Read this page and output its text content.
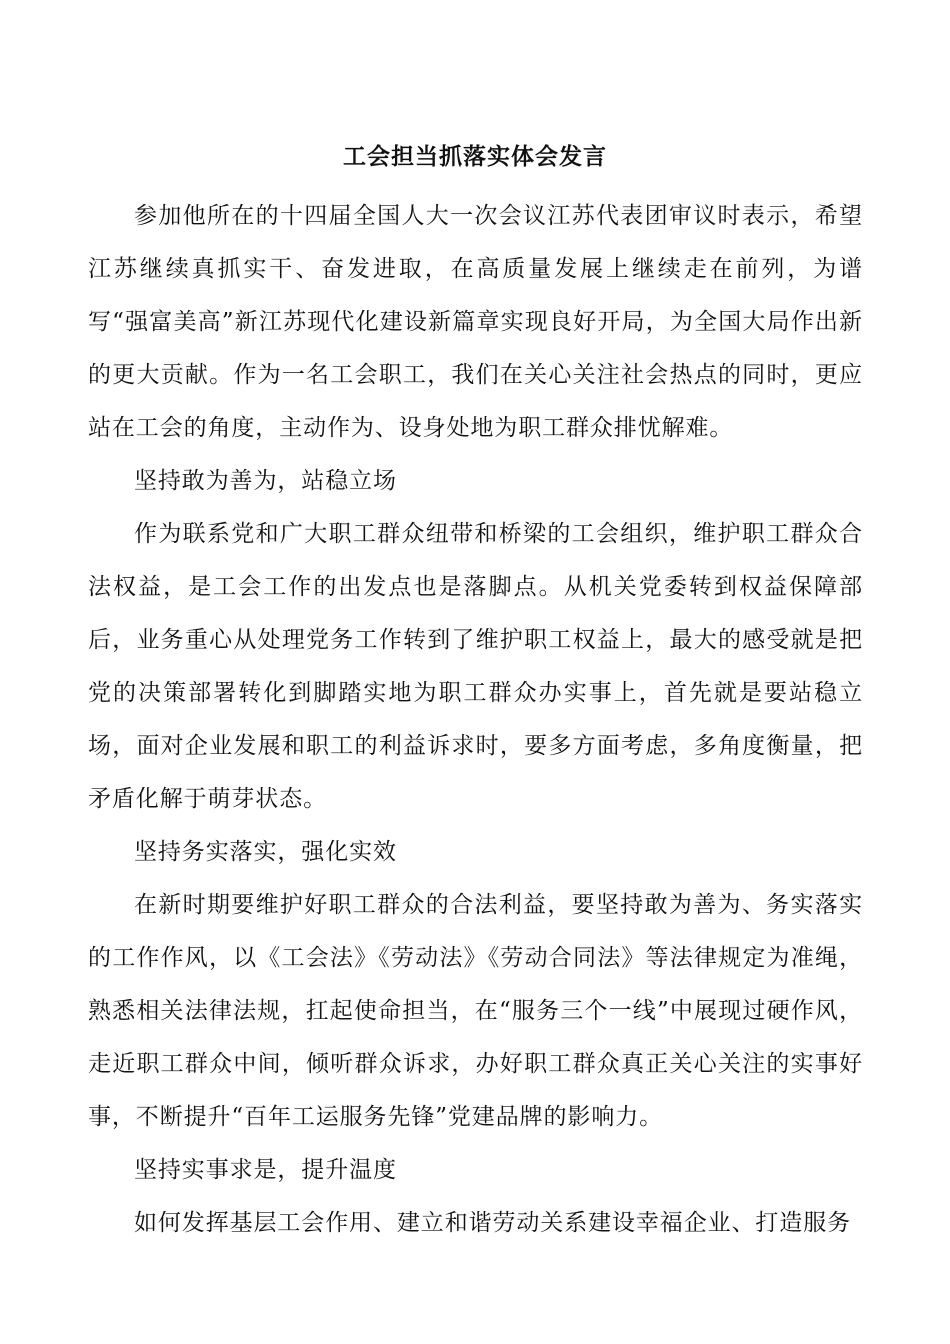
工会担当抓落实体会发言

参加他所在的十四届全国人大一次会议江苏代表团审议时表示，希望江苏继续真抓实干、奋发进取，在高质量发展上继续走在前列，为谱写“强富美高”新江苏现代化建设新篇章实现良好开局，为全国大局作出新的更大贡献。作为一名工会职工，我们在关心关注社会热点的同时，更应站在工会的角度，主动作为、设身处地为职工群众排忧解难。

坚持敢为善为，站稳立场

作为联系党和广大职工群众纽带和桥梁的工会组织，维护职工群众合法权益，是工会工作的出发点也是落脚点。从机关党委转到权益保障部后，业务重心从处理党务工作转到了维护职工权益上，最大的感受就是把党的决策部署转化到脚踏实地为职工群众办实事上，首先就是要站稳立场，面对企业发展和职工的利益诉求时，要多方面考虑，多角度衡量，把矛盾化解于萌芽状态。

坚持务实落实，强化实效

在新时期要维护好职工群众的合法利益，要坚持敢为善为、务实落实的工作作风，以《工会法》《劳动法》《劳动合同法》等法律规定为准绳，熟悉相关法律法规，扛起使命担当，在“服务三个一线”中展现过硬作风，走近职工群众中间，倾听群众诉求，办好职工群众真正关心关注的实事好事，不断提升“百年工运服务先锋”党建品牌的影响力。

坚持实事求是，提升温度

如何发挥基层工会作用、建立和谐劳动关系建设幸福企业、打造服务
